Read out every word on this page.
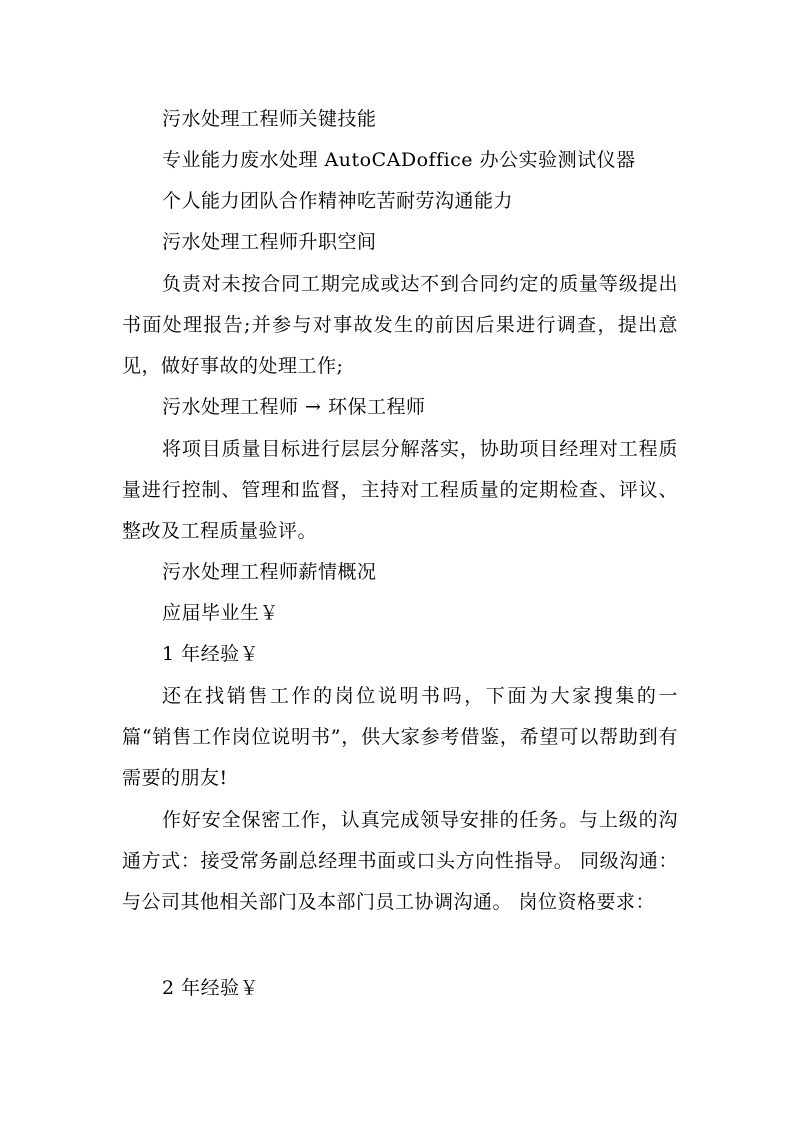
污水处理工程师关键技能
专业能力废水处理 AutoCADoffice 办公实验测试仪器
个人能力团队合作精神吃苦耐劳沟通能力
污水处理工程师升职空间
负责对未按合同工期完成或达不到合同约定的质量等级提出书面处理报告;并参与对事故发生的前因后果进行调查，提出意见，做好事故的处理工作;
污水处理工程师 → 环保工程师
将项目质量目标进行层层分解落实，协助项目经理对工程质量进行控制、管理和监督，主持对工程质量的定期检查、评议、整改及工程质量验评。
污水处理工程师薪情概况
应届毕业生￥
1 年经验￥
还在找销售工作的岗位说明书吗，下面为大家搜集的一篇“销售工作岗位说明书”，供大家参考借鉴，希望可以帮助到有需要的朋友!
作好安全保密工作，认真完成领导安排的任务。与上级的沟通方式：接受常务副总经理书面或口头方向性指导。 同级沟通：与公司其他相关部门及本部门员工协调沟通。 岗位资格要求：
2 年经验￥
